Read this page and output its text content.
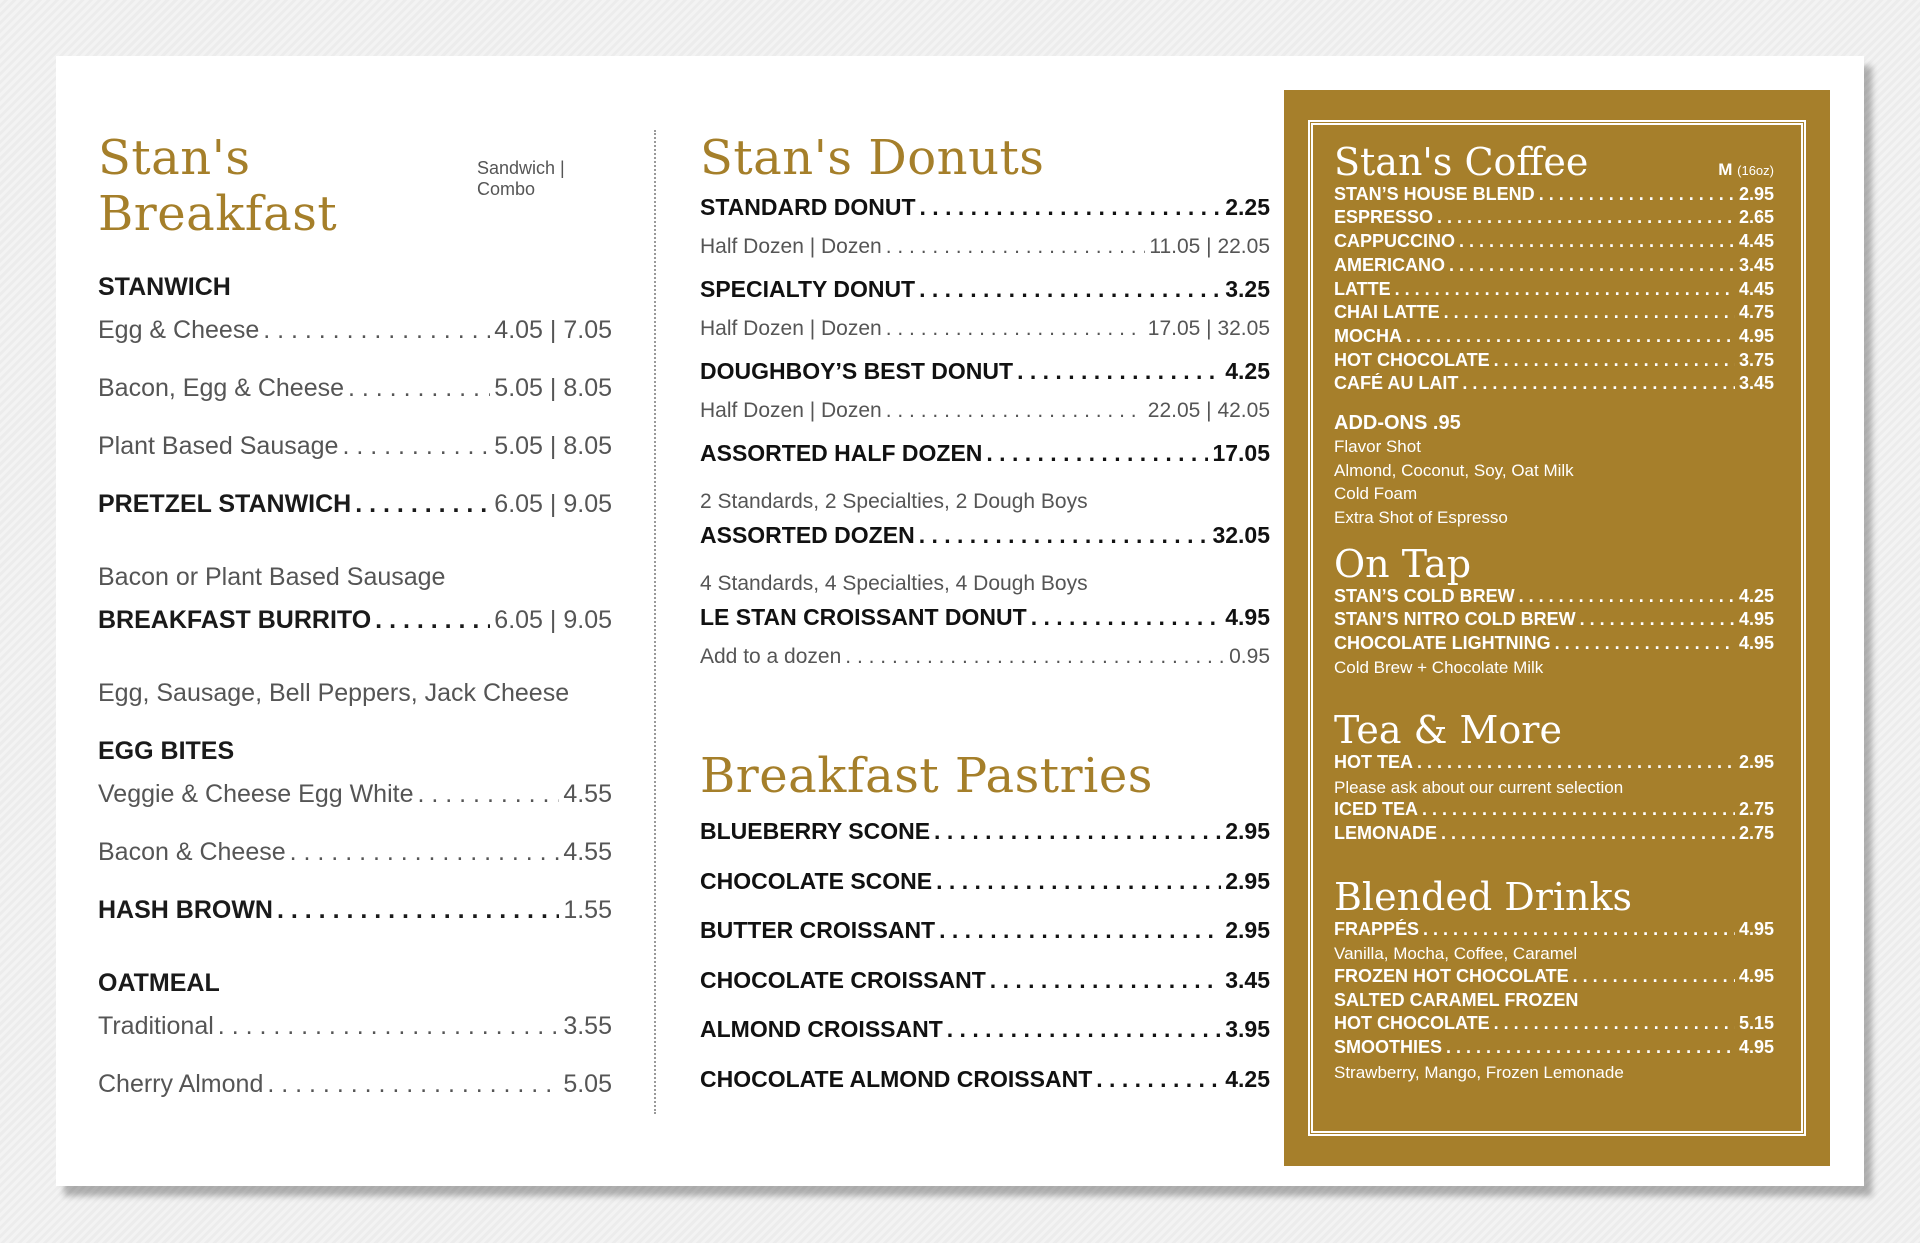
Stan's Breakfast
Sandwich | Combo
STANWICH
Egg & Cheese . . .	4.05 | 7.05
Bacon, Egg & Cheese . . .	5.05 | 8.05
Plant Based Sausage . . .	5.05 | 8.05
PRETZEL STANWICH . . .	6.05 | 9.05
Bacon or Plant Based Sausage
BREAKFAST BURRITO . . .	6.05 | 9.05
Egg, Sausage, Bell Peppers, Jack Cheese
EGG BITES
Veggie & Cheese Egg White . . .	4.55
Bacon & Cheese . . .	4.55
HASH BROWN . . .	1.55
OATMEAL
Traditional . . .	3.55
Cherry Almond . . .	5.05
Stan's Donuts
STANDARD DONUT . . .	2.25
Half Dozen | Dozen . . .	11.05 | 22.05
SPECIALTY DONUT . . .	3.25
Half Dozen | Dozen . . .	17.05 | 32.05
DOUGHBOY’S BEST DONUT . . .	4.25
Half Dozen | Dozen . . .	22.05 | 42.05
ASSORTED HALF DOZEN . . .	17.05
2 Standards, 2 Specialties, 2 Dough Boys
ASSORTED DOZEN . . .	32.05
4 Standards, 4 Specialties, 4 Dough Boys
LE STAN CROISSANT DONUT . . .	4.95
Add to a dozen . . .	0.95
Breakfast Pastries
BLUEBERRY SCONE . . .	2.95
CHOCOLATE SCONE . . .	2.95
BUTTER CROISSANT . . .	2.95
CHOCOLATE CROISSANT . . .	3.45
ALMOND CROISSANT . . .	3.95
CHOCOLATE ALMOND CROISSANT . . .	4.25
Stan's Coffee	M (16oz)
STAN’S HOUSE BLEND . . .	2.95
ESPRESSO . . .	2.65
CAPPUCCINO . . .	4.45
AMERICANO . . .	3.45
LATTE . . .	4.45
CHAI LATTE . . .	4.75
MOCHA . . .	4.95
HOT CHOCOLATE . . .	3.75
CAFÉ AU LAIT . . .	3.45
ADD-ONS .95
Flavor Shot
Almond, Coconut, Soy, Oat Milk
Cold Foam
Extra Shot of Espresso
On Tap
STAN’S COLD BREW . . .	4.25
STAN’S NITRO COLD BREW . . .	4.95
CHOCOLATE LIGHTNING . . .	4.95
Cold Brew + Chocolate Milk
Tea & More
HOT TEA . . .	2.95
Please ask about our current selection
ICED TEA . . .	2.75
LEMONADE . . .	2.75
Blended Drinks
FRAPPÉS . . .	4.95
Vanilla, Mocha, Coffee, Caramel
FROZEN HOT CHOCOLATE . . .	4.95
SALTED CARAMEL FROZEN
HOT CHOCOLATE . . .	5.15
SMOOTHIES . . .	4.95
Strawberry, Mango, Frozen Lemonade
